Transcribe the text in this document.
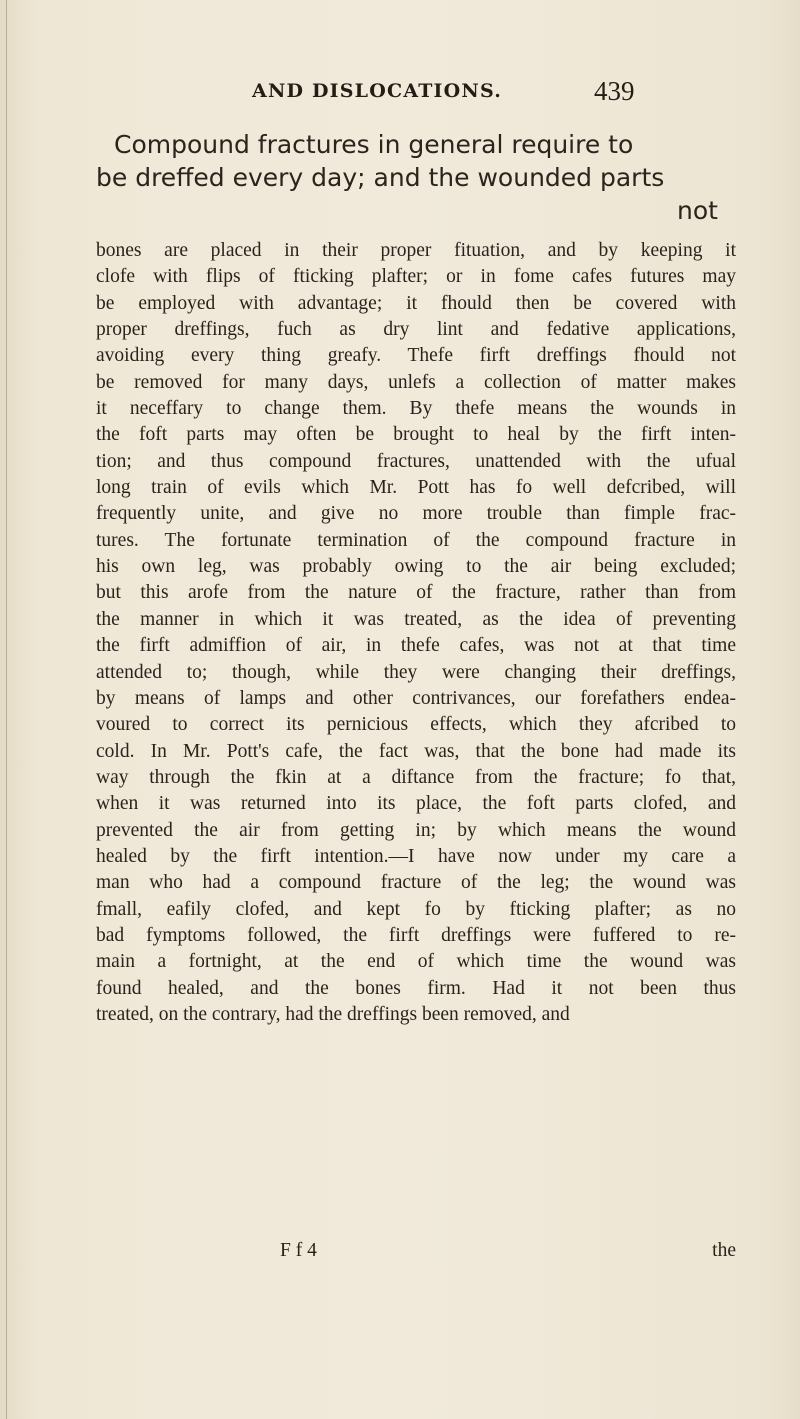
AND DISLOCATIONS.	439
Compound fractures in general require to
be dreffed every day; and the wounded parts
not
bones are placed in their proper fituation, and by keeping it
clofe with flips of fticking plafter; or in fome cafes futures may
be employed with advantage; it fhould then be covered with
proper dreffings, fuch as dry lint and fedative applications,
avoiding every thing greafy. Thefe firft dreffings fhould not
be removed for many days, unlefs a collection of matter makes
it neceffary to change them. By thefe means the wounds in
the foft parts may often be brought to heal by the firft inten-
tion; and thus compound fractures, unattended with the ufual
long train of evils which Mr. Pott has fo well defcribed, will
frequently unite, and give no more trouble than fimple frac-
tures. The fortunate termination of the compound fracture in
his own leg, was probably owing to the air being excluded;
but this arofe from the nature of the fracture, rather than from
the manner in which it was treated, as the idea of preventing
the firft admiffion of air, in thefe cafes, was not at that time
attended to; though, while they were changing their dreffings,
by means of lamps and other contrivances, our forefathers endea-
voured to correct its pernicious effects, which they afcribed to
cold. In Mr. Pott's cafe, the fact was, that the bone had made its
way through the fkin at a diftance from the fracture; fo that,
when it was returned into its place, the foft parts clofed, and
prevented the air from getting in; by which means the wound
healed by the firft intention.—I have now under my care a
man who had a compound fracture of the leg; the wound was
fmall, eafily clofed, and kept fo by fticking plafter; as no
bad fymptoms followed, the firft dreffings were fuffered to re-
main a fortnight, at the end of which time the wound was
found healed, and the bones firm. Had it not been thus
treated, on the contrary, had the dreffings been removed, and
F f 4	the
